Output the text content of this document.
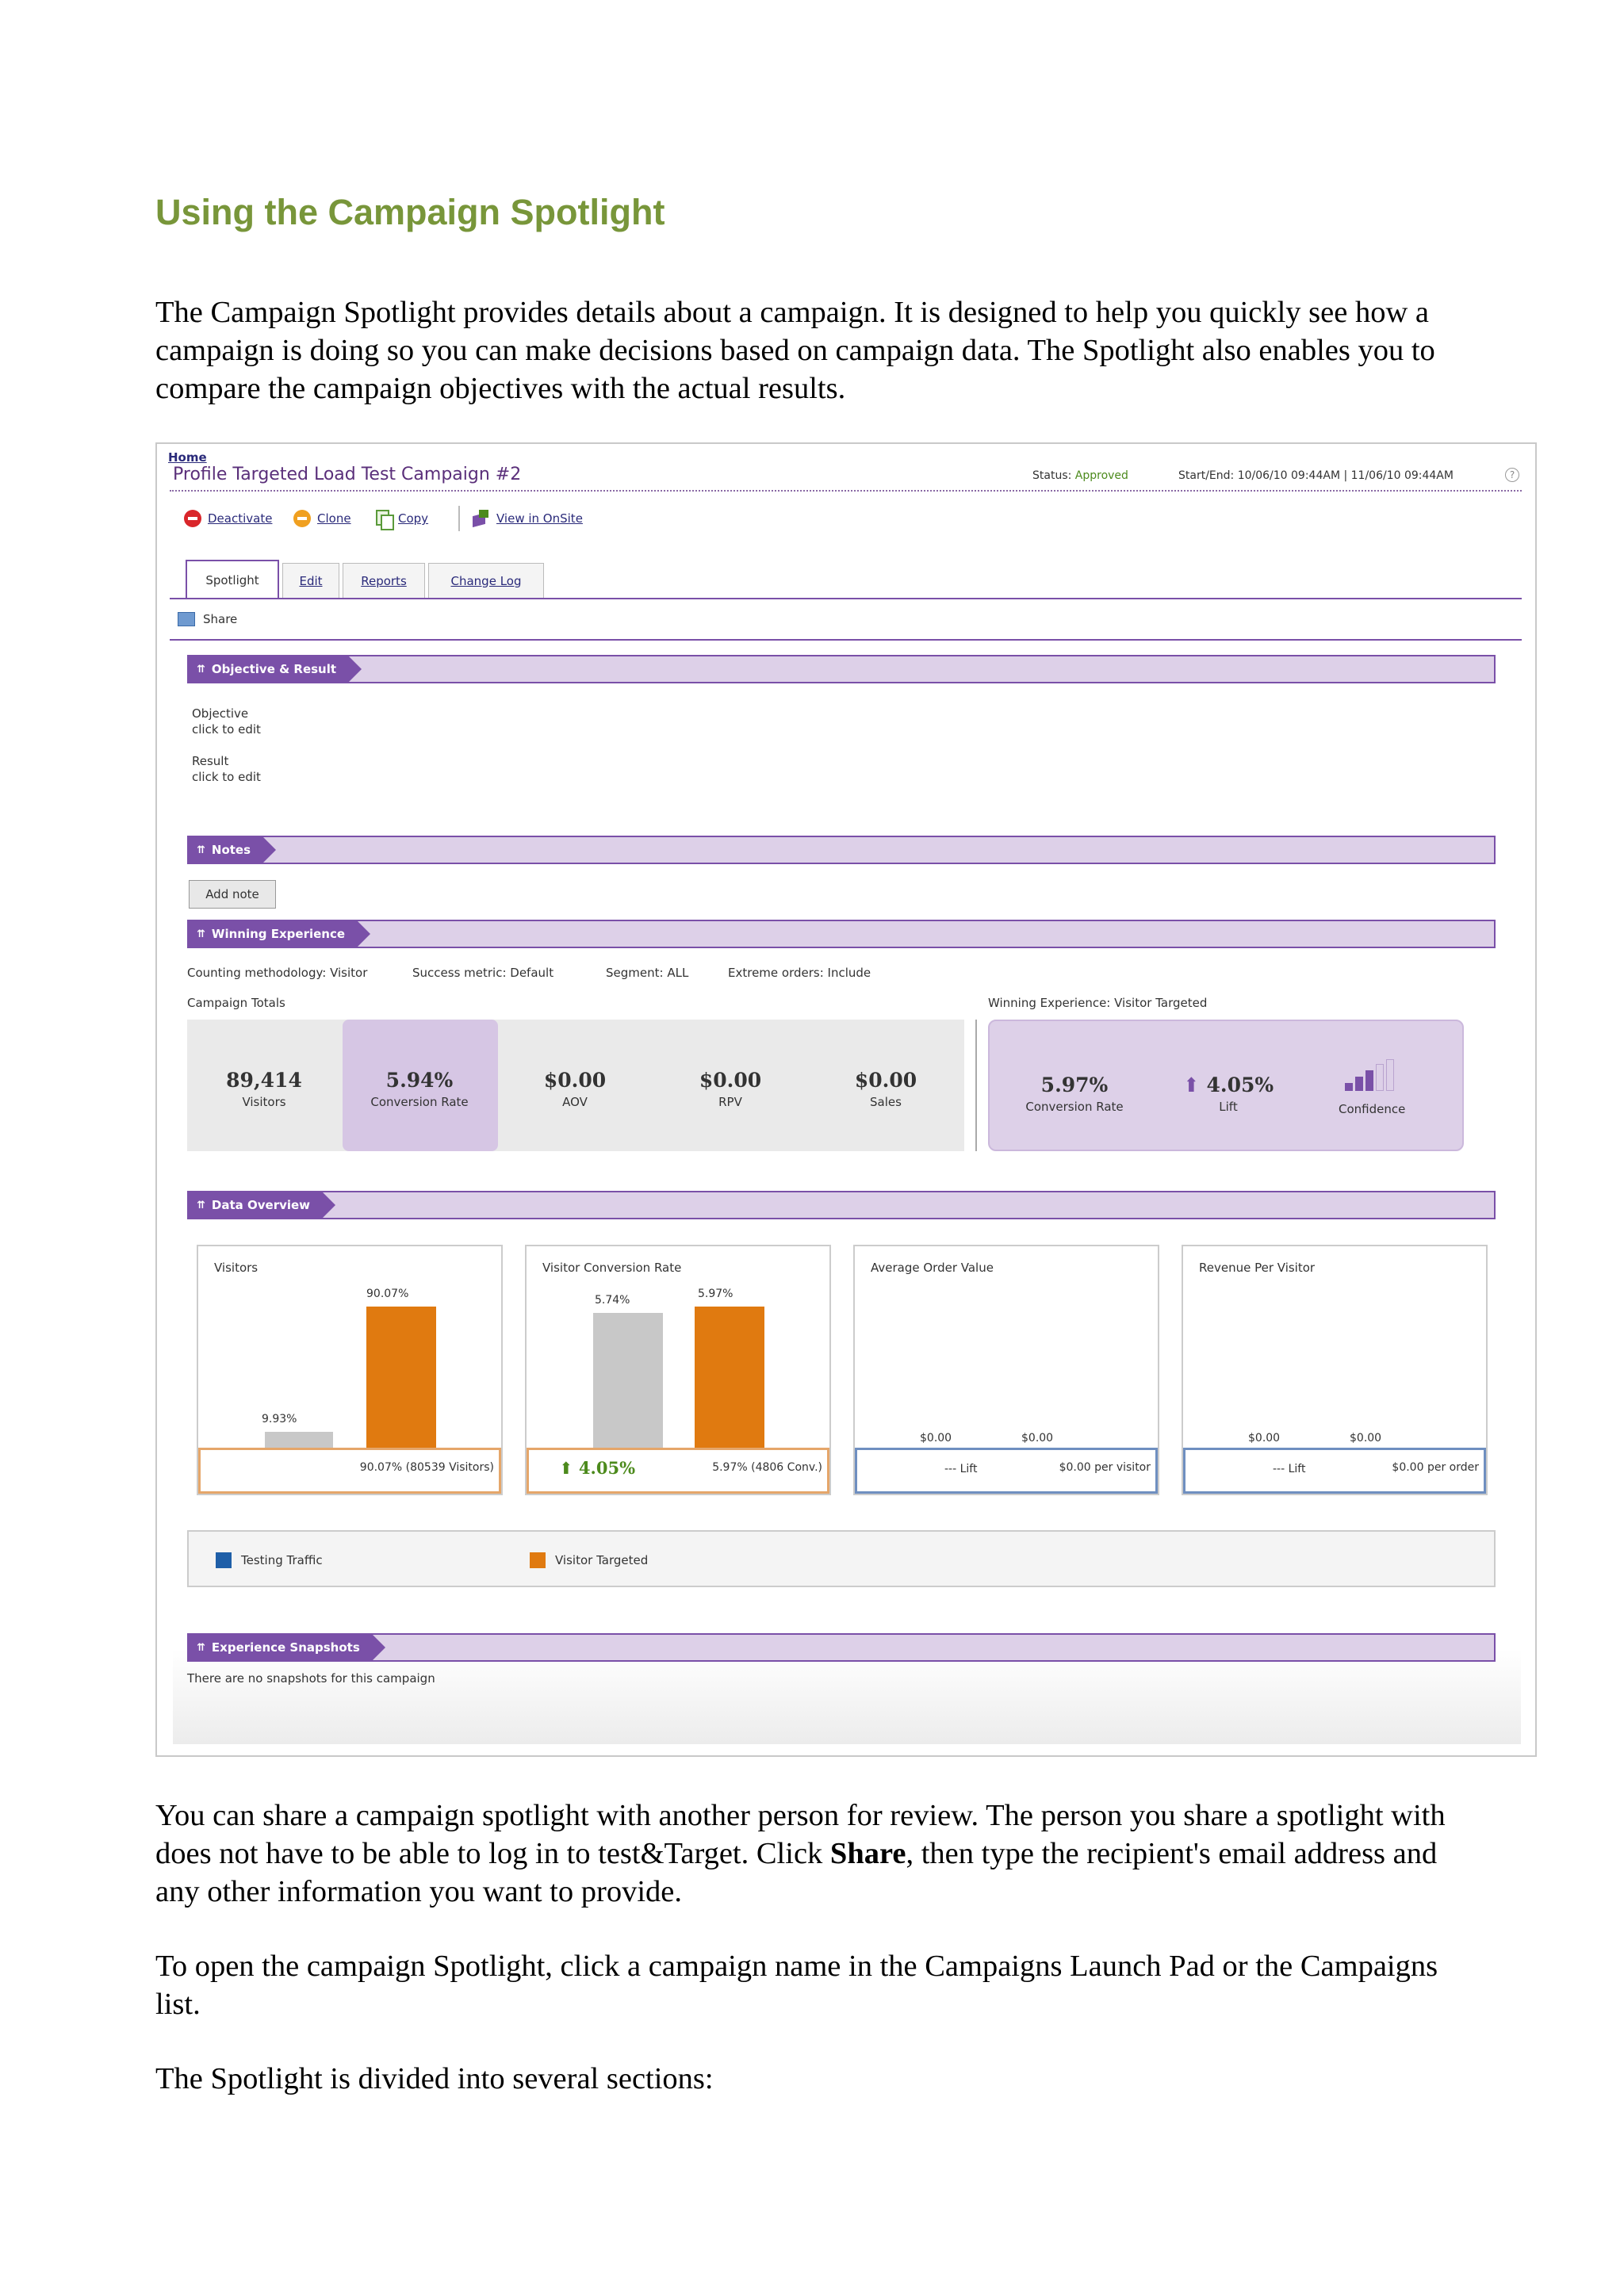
Using the Campaign Spotlight

The Campaign Spotlight provides details about a campaign. It is designed to help you quickly see how a campaign is doing so you can make decisions based on campaign data. The Spotlight also enables you to compare the campaign objectives with the actual results.

Home
Profile Targeted Load Test Campaign #2	Status: Approved	Start/End: 10/06/10 09:44AM | 11/06/10 09:44AM	?
Deactivate	Clone	Copy	View in OnSite
Spotlight	Edit	Reports	Change Log
Share
⇈ Objective & Result
Objective
click to edit
Result
click to edit
⇈ Notes
Add note
⇈ Winning Experience
Counting methodology: Visitor	Success metric: Default	Segment: ALL	Extreme orders: Include
Campaign Totals	Winning Experience: Visitor Targeted
89,414
Visitors
5.94%
Conversion Rate
$0.00
AOV
$0.00
RPV
$0.00
Sales
5.97%
Conversion Rate
⬆ 4.05%
Lift	Confidence
⇈ Data Overview
Visitors
9.93%
90.07%
90.07% (80539 Visitors)
Visitor Conversion Rate
5.74%	5.97%
⬆ 4.05%	5.97% (4806 Conv.)
Average Order Value
$0.00	$0.00
--- Lift	$0.00 per visitor
Revenue Per Visitor
$0.00	$0.00
--- Lift	$0.00 per order
Testing Traffic	Visitor Targeted
⇈ Experience Snapshots
There are no snapshots for this campaign

You can share a campaign spotlight with another person for review. The person you share a spotlight with does not have to be able to log in to test&Target. Click Share, then type the recipient's email address and any other information you want to provide.

To open the campaign Spotlight, click a campaign name in the Campaigns Launch Pad or the Campaigns list.

The Spotlight is divided into several sections:
